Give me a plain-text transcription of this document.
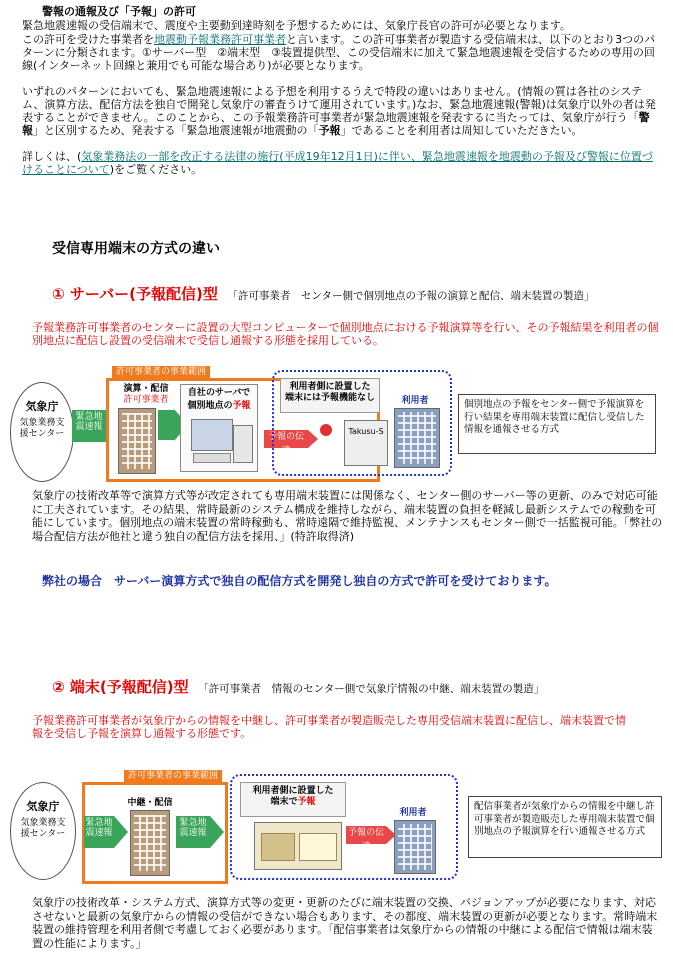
警報の通報及び「予報」の許可
緊急地震速報の受信端末で、震度や主要動到達時刻を予想するためには、気象庁長官の許可が必要となります。
この許可を受けた事業者を地震動予報業務許可事業者と言います。この許可事業者が製造する受信端末は、以下のとおり3つのパターンに分類されます。①サーバー型　②端末型　③装置提供型、この受信端末に加えて緊急地震速報を受信するための専用の回線(インターネット回線と兼用でも可能な場合あり)が必要となります。
いずれのパターンにおいても、緊急地震速報による予想を利用するうえで特段の違いはありません。(情報の質は各社のシステム、演算方法、配信方法を独自で開発し気象庁の審査うけて運用されています。)なお、緊急地震速報(警報)は気象庁以外の者は発表することができません。このことから、この予報業務許可事業者が緊急地震速報を発表するに当たっては、気象庁が行う「警報」と区別するため、発表する「緊急地震速報が地震動の「予報」であることを利用者は周知していただきたい。
詳しくは、(気象業務法の一部を改正する法律の施行(平成19年12月1日)に伴い、緊急地震速報を地震動の予報及び警報に位置づけることについて)をご覧ください。
受信専用端末の方式の違い
① サーバー(予報配信)型 「許可事業者　センター側で個別地点の予報の演算と配信、端末装置の製造」
予報業務許可事業者のセンターに設置の大型コンピューターで個別地点における予報演算等を行い、その予報結果を利用者の個別地点に配信し設置の受信端末で受信し通報する形態を採用している。
気象庁
気象業務支援センター
緊急地震速報
許可事業者の事業範囲
演算・配信
許可事業者
自社のサーバで
個別地点の予報
予報の伝達
利用者側に設置した
端末には予報機能なし
Takusu-S
利用者	個別地点の予報をセンター側で予報演算を行い結果を専用端末装置に配信し受信した情報を通報させる方式
気象庁の技術改革等で演算方式等が改定されても専用端末装置には関係なく、センター側のサーバー等の更新、のみで対応可能に工夫されています。その結果、常時最新のシステム構成を維持しながら、端末装置の負担を軽減し最新システムでの稼動を可能にしています。個別地点の端末装置の常時稼動も、常時遠隔で維持監視、メンテナンスもセンター側で一括監視可能。「弊社の場合配信方法が他社と違う独自の配信方法を採用、」(特許取得済)
弊社の場合　サーバー演算方式で独自の配信方式を開発し独自の方式で許可を受けております。
② 端末(予報配信)型 「許可事業者　情報のセンター側で気象庁情報の中継、端末装置の製造」
予報業務許可事業者が気象庁からの情報を中継し、許可事業者が製造販売した専用受信端末装置に配信し、端末装置で情報を受信し予報を演算し通報する形態です。
気象庁
気象業務支援センター
許可事業者の事業範囲
緊急地震速報
中継・配信
緊急地震速報
利用者側に設置した
端末で予報
予報の伝達
利用者
配信事業者が気象庁からの情報を中継し許可事業者が製造販売した専用端末装置で個別地点の予報演算を行い通報させる方式
気象庁の技術改革・システム方式、演算方式等の変更・更新のたびに端末装置の交換、バジョンアップが必要になります、対応させないと最新の気象庁からの情報の受信ができない場合もあります、その都度、端末装置の更新が必要となります。常時端末装置の維持管理を利用者側で考慮しておく必要があります。「配信事業者は気象庁からの情報の中継による配信で情報は端末装置の性能によります。」
